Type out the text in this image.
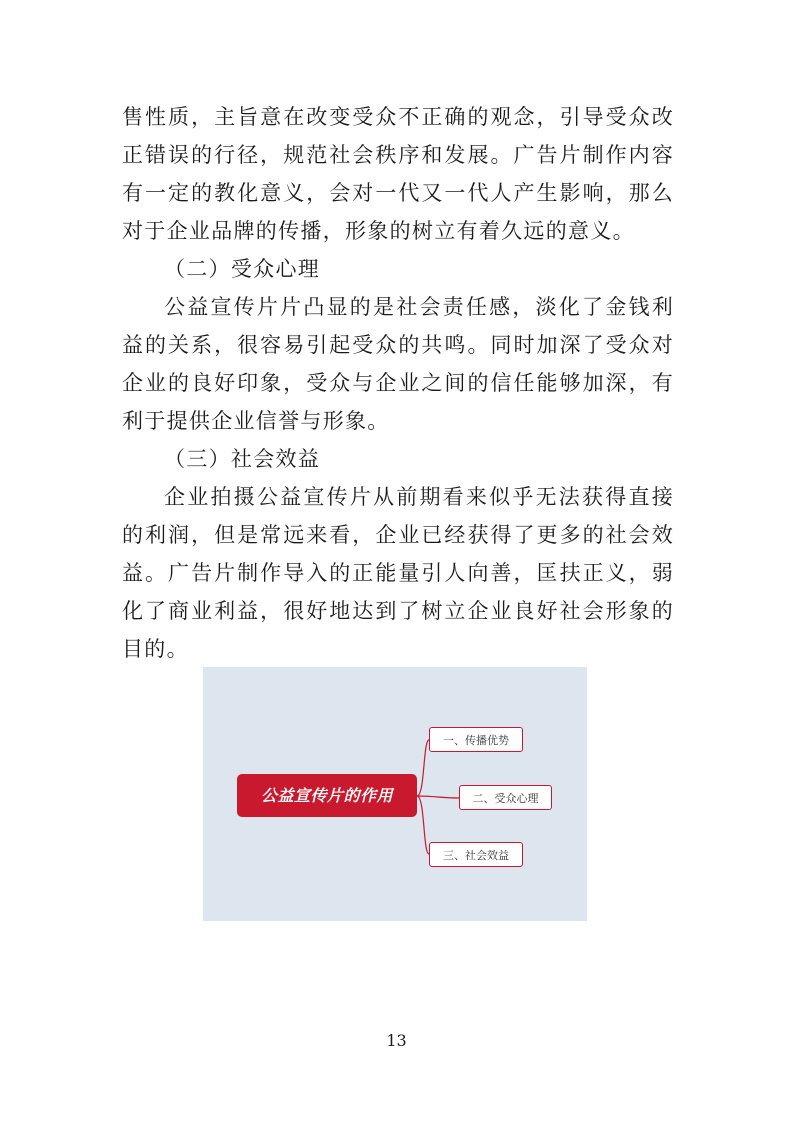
售性质，主旨意在改变受众不正确的观念，引导受众改正错误的行径，规范社会秩序和发展。广告片制作内容有一定的教化意义，会对一代又一代人产生影响，那么对于企业品牌的传播，形象的树立有着久远的意义。

（二）受众心理

公益宣传片片凸显的是社会责任感，淡化了金钱利益的关系，很容易引起受众的共鸣。同时加深了受众对企业的良好印象，受众与企业之间的信任能够加深，有利于提供企业信誉与形象。

（三）社会效益

企业拍摄公益宣传片从前期看来似乎无法获得直接的利润，但是常远来看，企业已经获得了更多的社会效益。广告片制作导入的正能量引人向善，匡扶正义，弱化了商业利益，很好地达到了树立企业良好社会形象的目的。

公益宣传片的作用
一、传播优势
二、受众心理
三、社会效益
13
